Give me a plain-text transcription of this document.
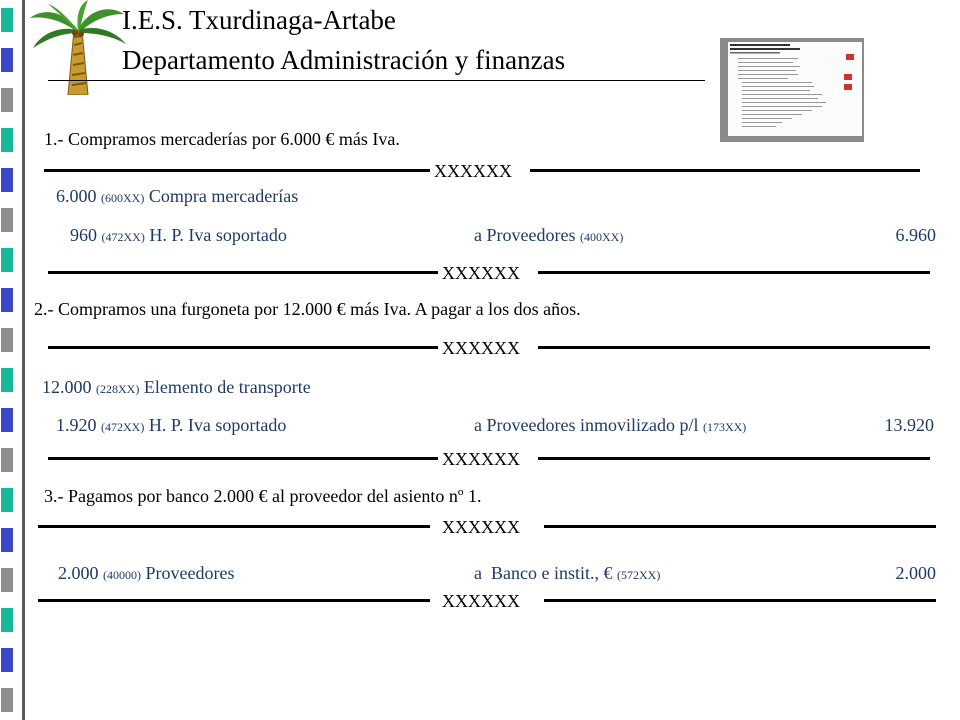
I.E.S. Txurdinaga-Artabe
Departamento Administración y finanzas
1.- Compramos mercaderías por 6.000 € más Iva.
XXXXXX
6.000 (600XX) Compra mercaderías
960 (472XX) H. P. Iva soportado	a Proveedores (400XX)	6.960
XXXXXX
2.- Compramos una furgoneta por 12.000 € más Iva. A pagar a los dos años.
XXXXXX
12.000 (228XX) Elemento de transporte
1.920 (472XX) H. P. Iva soportado	a Proveedores inmovilizado p/l (173XX)	13.920
XXXXXX
3.- Pagamos por banco 2.000 € al proveedor del asiento nº 1.
XXXXXX
2.000 (40000) Proveedores	a Banco e instit., € (572XX)	2.000
XXXXXX
